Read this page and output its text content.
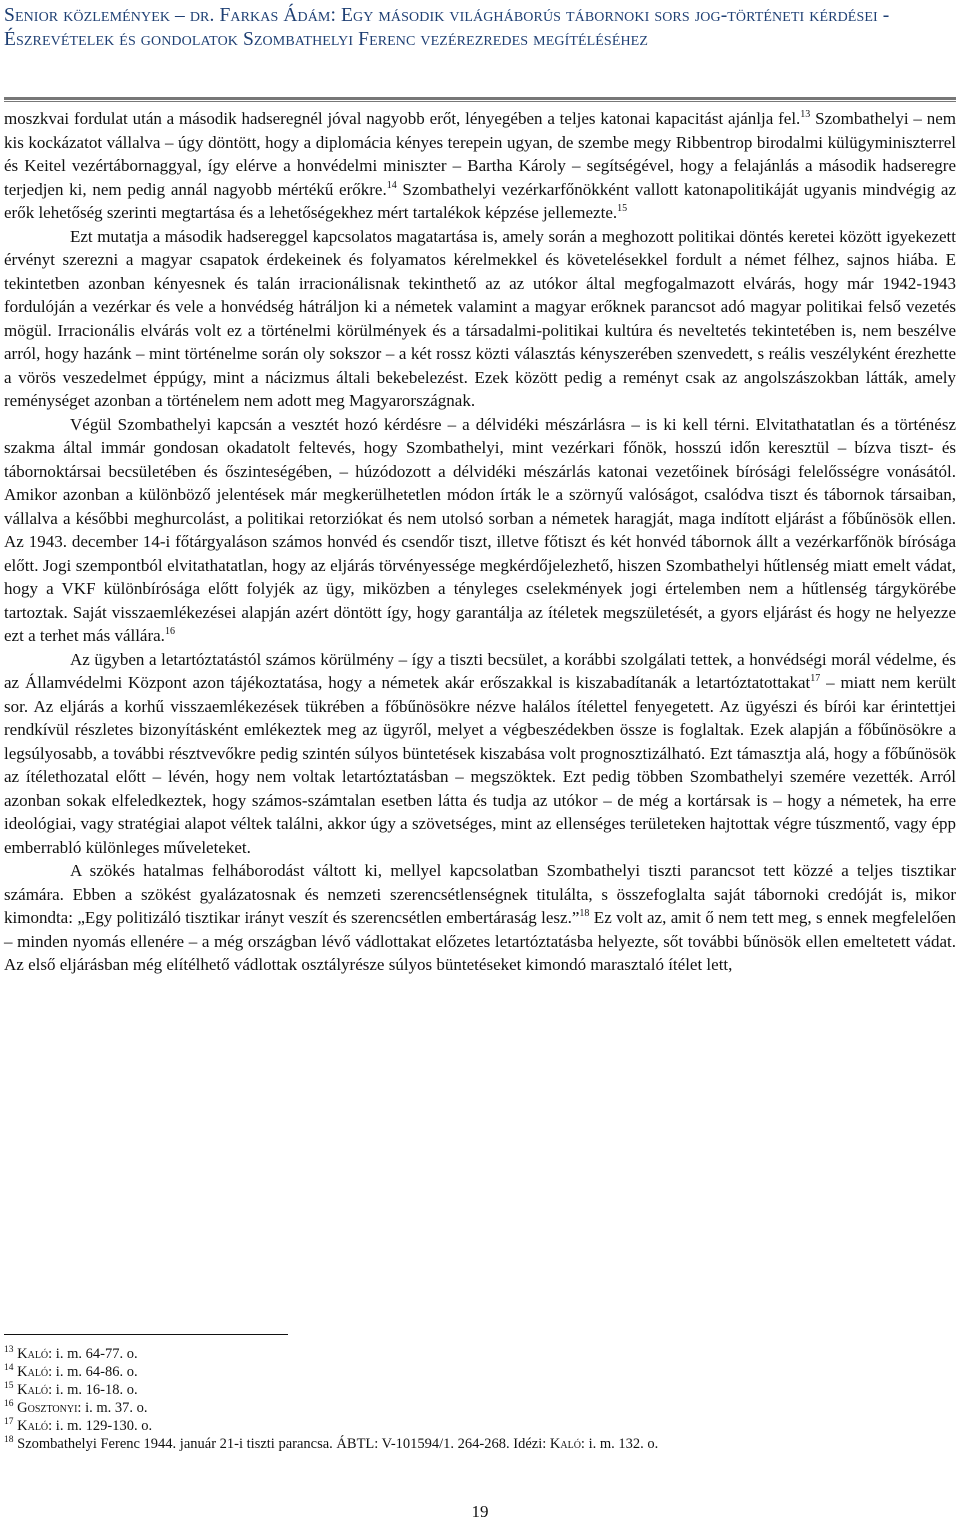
Senior közlemények – dr. Farkas Ádám: Egy második világháborús tábornoki sors jog-történeti kérdései - Észrevételek és gondolatok Szombathelyi Ferenc vezérezredes megítéléséhez

moszkvai fordulat után a második hadseregnél jóval nagyobb erőt, lényegében a teljes katonai kapacitást ajánlja fel.$^{13}$ Szombathelyi – nem kis kockázatot vállalva – úgy döntött, hogy a diplomácia kényes terepein ugyan, de szembe megy Ribbentrop birodalmi külügyminiszterrel és Keitel vezértábornaggyal, így elérve a honvédelmi miniszter – Bartha Károly – segítségével, hogy a felajánlás a második hadseregre terjedjen ki, nem pedig annál nagyobb mértékű erőkre.$^{14}$ Szombathelyi vezérkarfőnökként vallott katonapolitikáját ugyanis mindvégig az erők lehetőség szerinti megtartása és a lehetőségekhez mért tartalékok képzése jellemezte.$^{15}$

Ezt mutatja a második hadsereggel kapcsolatos magatartása is, amely során a meghozott politikai döntés keretei között igyekezett érvényt szerezni a magyar csapatok érdekeinek és folyamatos kérelmekkel és követelésekkel fordult a német félhez, sajnos hiába. E tekintetben azonban kényesnek és talán irracionálisnak tekinthető az az utókor által megfogalmazott elvárás, hogy már 1942-1943 fordulóján a vezérkar és vele a honvédség hátráljon ki a németek valamint a magyar erőknek parancsot adó magyar politikai felső vezetés mögül. Irracionális elvárás volt ez a történelmi körülmények és a társadalmi-politikai kultúra és neveltetés tekintetében is, nem beszélve arról, hogy hazánk – mint történelme során oly sokszor – a két rossz közti választás kényszerében szenvedett, s reális veszélyként érezhette a vörös veszedelmet éppúgy, mint a nácizmus általi bekebelezést. Ezek között pedig a reményt csak az angolszászokban látták, amely reménységet azonban a történelem nem adott meg Magyarországnak.

Végül Szombathelyi kapcsán a vesztét hozó kérdésre – a délvidéki mészárlásra – is ki kell térni. Elvitathatatlan és a történész szakma által immár gondosan okadatolt feltevés, hogy Szombathelyi, mint vezérkari főnök, hosszú időn keresztül – bízva tiszt- és tábornoktársai becsületében és őszinteségében, – húzódozott a délvidéki mészárlás katonai vezetőinek bírósági felelősségre vonásától. Amikor azonban a különböző jelentések már megkerülhetetlen módon írták le a szörnyű valóságot, csalódva tiszt és tábornok társaiban, vállalva a későbbi meghurcolást, a politikai retorziókat és nem utolsó sorban a németek haragját, maga indított eljárást a főbűnösök ellen. Az 1943. december 14-i főtárgyaláson számos honvéd és csendőr tiszt, illetve főtiszt és két honvéd tábornok állt a vezérkarfőnök bírósága előtt. Jogi szempontból elvitathatatlan, hogy az eljárás törvényessége megkérdőjelezhető, hiszen Szombathelyi hűtlenség miatt emelt vádat, hogy a VKF különbírósága előtt folyjék az ügy, miközben a tényleges cselekmények jogi értelemben nem a hűtlenség tárgykörébe tartoztak. Saját visszaemlékezései alapján azért döntött így, hogy garantálja az ítéletek megszületését, a gyors eljárást és hogy ne helyezze ezt a terhet más vállára.$^{16}$

Az ügyben a letartóztatástól számos körülmény – így a tiszti becsület, a korábbi szolgálati tettek, a honvédségi morál védelme, és az Államvédelmi Központ azon tájékoztatása, hogy a németek akár erőszakkal is kiszabadítanák a letartóztatottakat$^{17}$ – miatt nem került sor. Az eljárás a korhű visszaemlékezések tükrében a főbűnösökre nézve halálos ítélettel fenyegetett. Az ügyészi és bírói kar érintettjei rendkívül részletes bizonyításként emlékeztek meg az ügyről, melyet a végbeszédekben össze is foglaltak. Ezek alapján a főbűnösökre a legsúlyosabb, a további résztvevőkre pedig szintén súlyos büntetések kiszabása volt prognosztizálható. Ezt támasztja alá, hogy a főbűnösök az ítélethozatal előtt – lévén, hogy nem voltak letartóztatásban – megszöktek. Ezt pedig többen Szombathelyi szemére vezették. Arról azonban sokak elfeledkeztek, hogy számos-számtalan esetben látta és tudja az utókor – de még a kortársak is – hogy a németek, ha erre ideológiai, vagy stratégiai alapot véltek találni, akkor úgy a szövetséges, mint az ellenséges területeken hajtottak végre túszmentő, vagy épp emberrabló különleges műveleteket.

A szökés hatalmas felháborodást váltott ki, mellyel kapcsolatban Szombathelyi tiszti parancsot tett közzé a teljes tisztikar számára. Ebben a szökést gyalázatosnak és nemzeti szerencsétlenségnek titulálta, s összefoglalta saját tábornoki credóját is, mikor kimondta: „Egy politizáló tisztikar irányt veszít és szerencsétlen embertáraság lesz.”$^{18}$ Ez volt az, amit ő nem tett meg, s ennek megfelelően – minden nyomás ellenére – a még országban lévő vádlottakat előzetes letartóztatásba helyezte, sőt további bűnösök ellen emeltetett vádat. Az első eljárásban még elítélhető vádlottak osztályrésze súlyos büntetéseket kimondó marasztaló ítélet lett,

$^{13}$ Kaló: i. m. 64-77. o.
$^{14}$ Kaló: i. m. 64-86. o.
$^{15}$ Kaló: i. m. 16-18. o.
$^{16}$ Gosztonyi: i. m. 37. o.
$^{17}$ Kaló: i. m. 129-130. o.
$^{18}$ Szombathelyi Ferenc 1944. január 21-i tiszti parancsa. ÁBTL: V-101594/1. 264-268. Idézi: Kaló: i. m. 132. o.
19
